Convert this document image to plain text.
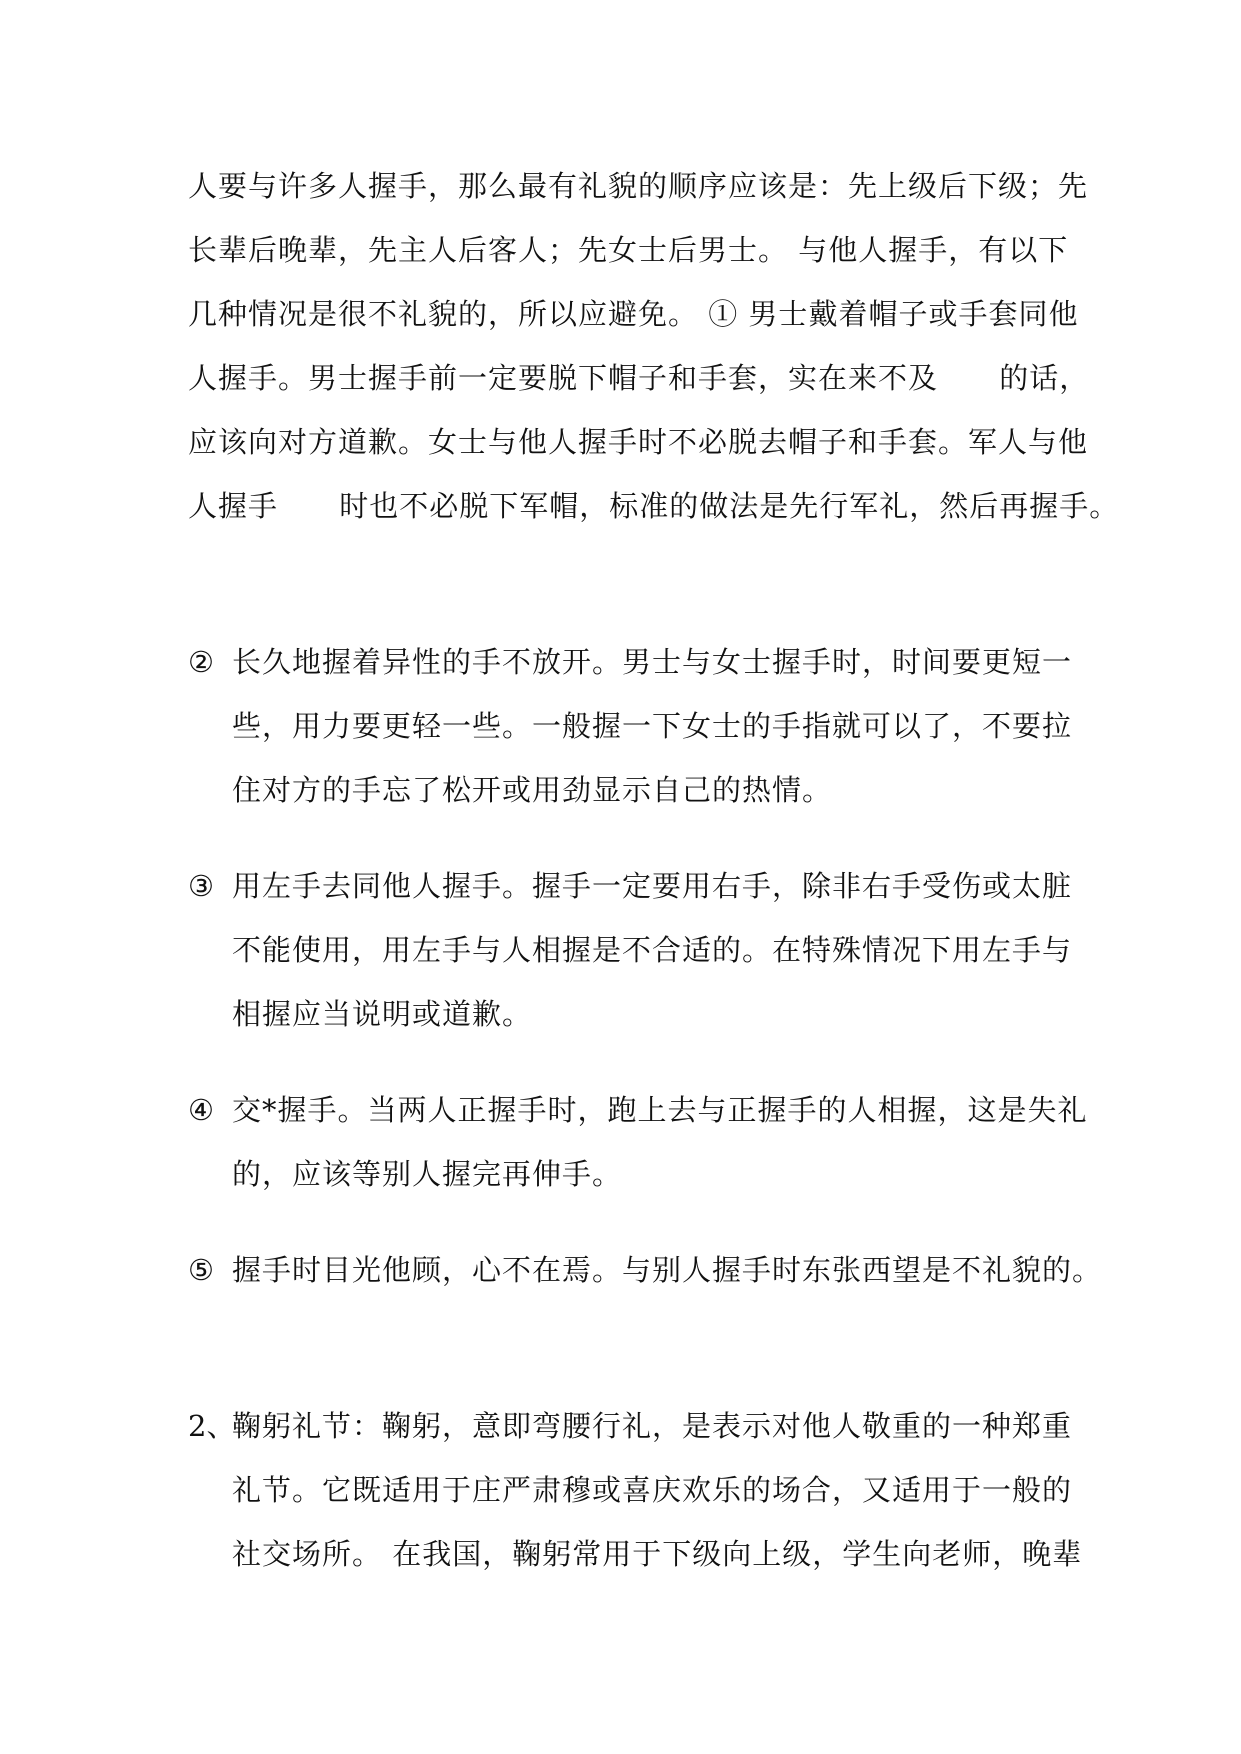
人要与许多人握手，那么最有礼貌的顺序应该是：先上级后下级；先
长辈后晚辈，先主人后客人；先女士后男士。 与他人握手，有以下
几种情况是很不礼貌的，所以应避免。 ① 男士戴着帽子或手套同他
人握手。男士握手前一定要脱下帽子和手套，实在来不及      的话，
应该向对方道歉。女士与他人握手时不必脱去帽子和手套。军人与他
人握手      时也不必脱下军帽，标准的做法是先行军礼，然后再握手。
② 长久地握着异性的手不放开。男士与女士握手时，时间要更短一
些，用力要更轻一些。一般握一下女士的手指就可以了，不要拉
住对方的手忘了松开或用劲显示自己的热情。
③ 用左手去同他人握手。握手一定要用右手，除非右手受伤或太脏
不能使用，用左手与人相握是不合适的。在特殊情况下用左手与
相握应当说明或道歉。
④ 交*握手。当两人正握手时，跑上去与正握手的人相握，这是失礼
的，应该等别人握完再伸手。
⑤ 握手时目光他顾，心不在焉。与别人握手时东张西望是不礼貌的。
2、
鞠躬礼节：鞠躬，意即弯腰行礼，是表示对他人敬重的一种郑重
礼节。它既适用于庄严肃穆或喜庆欢乐的场合，又适用于一般的
社交场所。 在我国，鞠躬常用于下级向上级，学生向老师，晚辈
